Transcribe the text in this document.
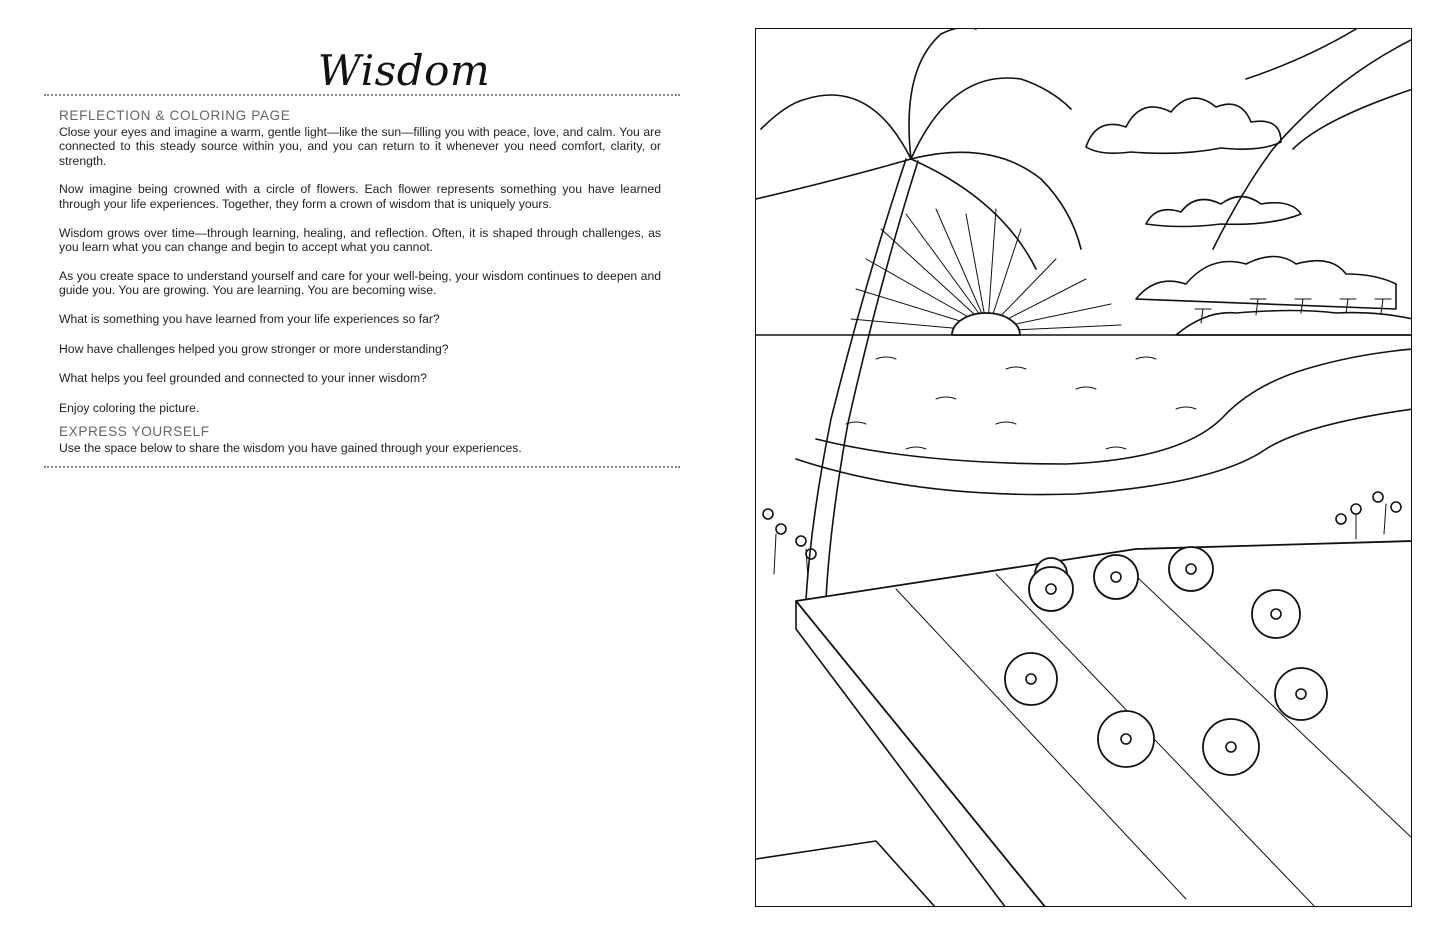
Wisdom
REFLECTION & COLORING PAGE

Close your eyes and imagine a warm, gentle light—like the sun—filling you with peace, love, and calm. You are connected to this steady source within you, and you can return to it whenever you need comfort, clarity, or strength.

Now imagine being crowned with a circle of flowers. Each flower represents something you have learned through your life experiences. Together, they form a crown of wisdom that is uniquely yours.

Wisdom grows over time—through learning, healing, and reflection. Often, it is shaped through challenges, as you learn what you can change and begin to accept what you cannot.

As you create space to understand yourself and care for your well-being, your wisdom continues to deepen and guide you. You are growing. You are learning. You are becoming wise.

What is something you have learned from your life experiences so far?

How have challenges helped you grow stronger or more understanding?

What helps you feel grounded and connected to your inner wisdom?

Enjoy coloring the picture.

EXPRESS YOURSELF

Use the space below to share the wisdom you have gained through your experiences.
